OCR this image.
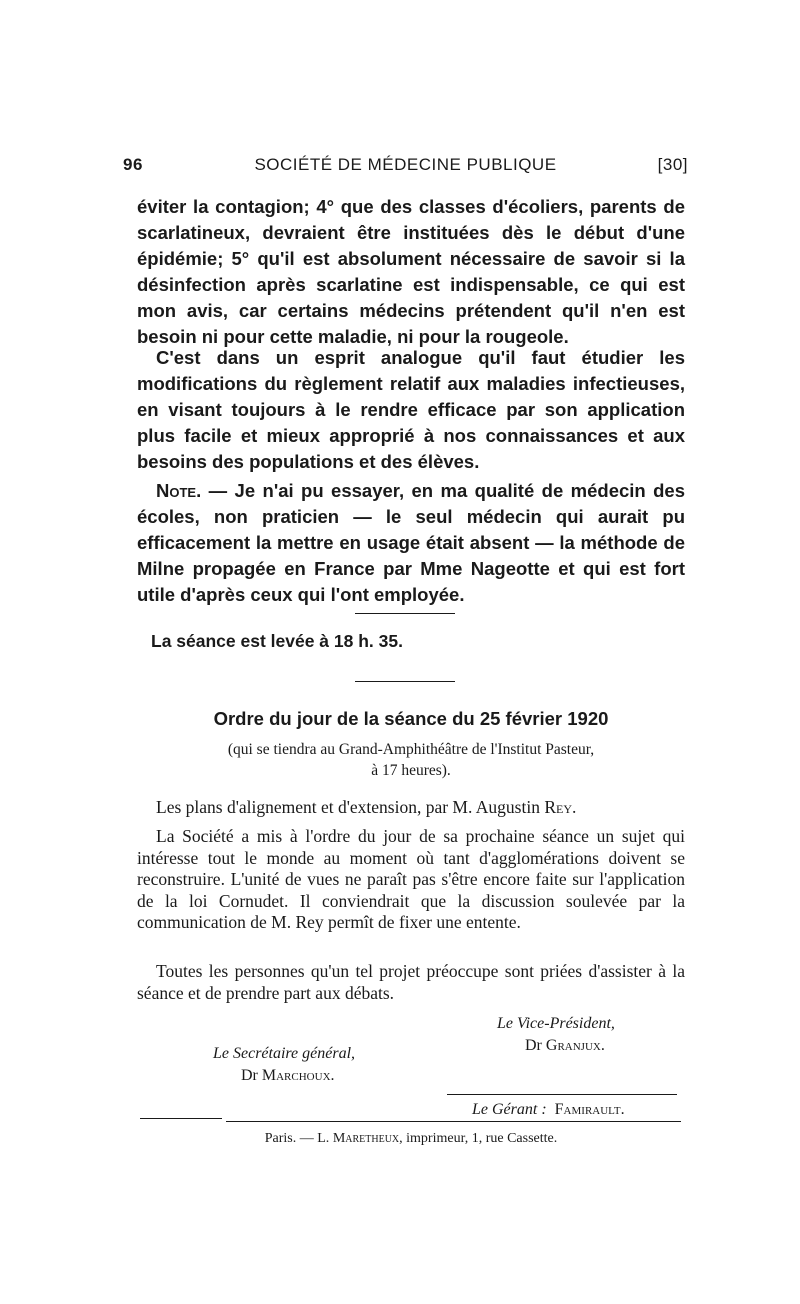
96	SOCIÉTÉ DE MÉDECINE PUBLIQUE	[30]

éviter la contagion; 4° que des classes d'écoliers, parents de scarlatineux, devraient être instituées dès le début d'une épidémie; 5° qu'il est absolument nécessaire de savoir si la désinfection après scarlatine est indispensable, ce qui est mon avis, car certains médecins prétendent qu'il n'en est besoin ni pour cette maladie, ni pour la rougeole.

C'est dans un esprit analogue qu'il faut étudier les modifications du règlement relatif aux maladies infectieuses, en visant toujours à le rendre efficace par son application plus facile et mieux approprié à nos connaissances et aux besoins des populations et des élèves.

Note. — Je n'ai pu essayer, en ma qualité de médecin des écoles, non praticien — le seul médecin qui aurait pu efficacement la mettre en usage était absent — la méthode de Milne propagée en France par Mme Nageotte et qui est fort utile d'après ceux qui l'ont employée.

La séance est levée à 18 h. 35.
Ordre du jour de la séance du 25 février 1920

(qui se tiendra au Grand-Amphithéâtre de l'Institut Pasteur,
à 17 heures).

Les plans d'alignement et d'extension, par M. Augustin Rey.

La Société a mis à l'ordre du jour de sa prochaine séance un sujet qui intéresse tout le monde au moment où tant d'agglomérations doivent se reconstruire. L'unité de vues ne paraît pas s'être encore faite sur l'application de la loi Cornudet. Il conviendrait que la discussion soulevée par la communication de M. Rey permît de fixer une entente.

Toutes les personnes qu'un tel projet préoccupe sont priées d'assister à la séance et de prendre part aux débats.

Le Vice-Président,
Dr Granjux.
Le Secrétaire général,
Dr Marchoux.
Le Gérant : Famirault.
Paris. — L. Maretheux, imprimeur, 1, rue Cassette.
